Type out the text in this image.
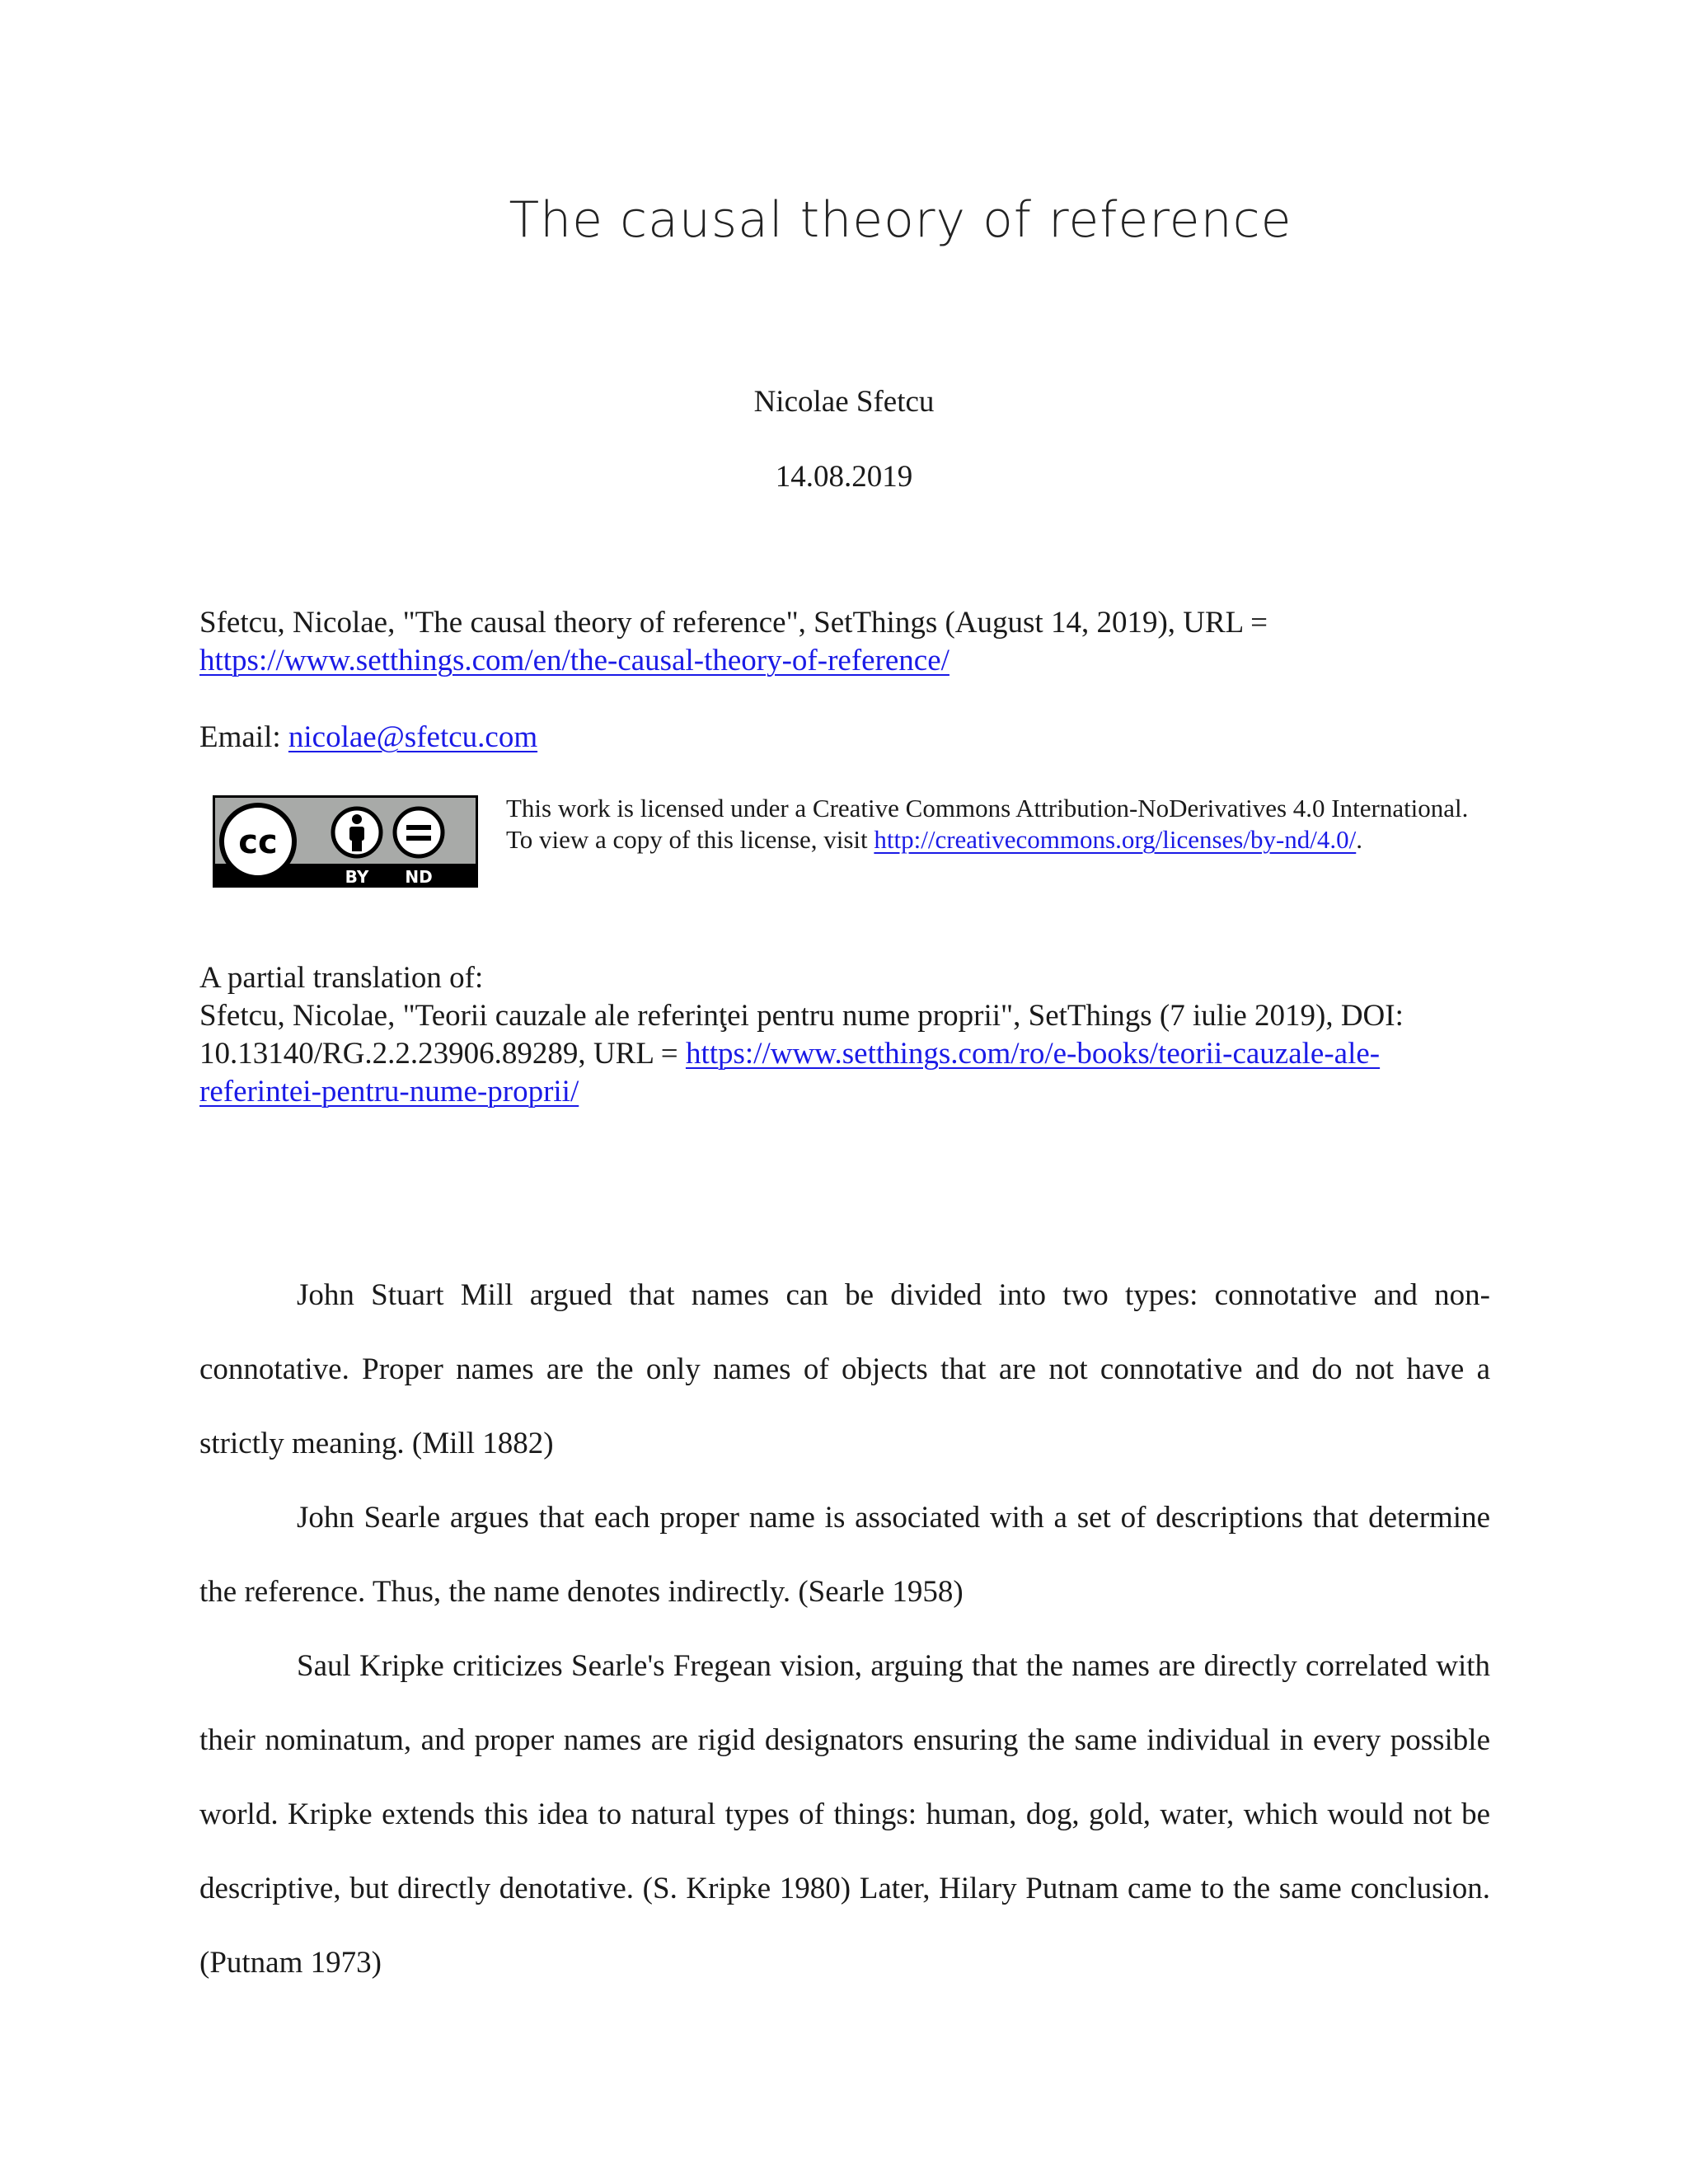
The causal theory of reference
Nicolae Sfetcu
14.08.2019
Sfetcu, Nicolae, "The causal theory of reference", SetThings (August 14, 2019), URL = https://www.setthings.com/en/the-causal-theory-of-reference/
Email: nicolae@sfetcu.com
cc
BY ND
This work is licensed under a Creative Commons Attribution-NoDerivatives 4.0 International. To view a copy of this license, visit http://creativecommons.org/licenses/by-nd/4.0/.
A partial translation of:
Sfetcu, Nicolae, "Teorii cauzale ale referinţei pentru nume proprii", SetThings (7 iulie 2019), DOI: 10.13140/RG.2.2.23906.89289, URL = https://www.setthings.com/ro/e-books/teorii-cauzale-ale-referintei-pentru-nume-proprii/

John Stuart Mill argued that names can be divided into two types: connotative and non-connotative. Proper names are the only names of objects that are not connotative and do not have a strictly meaning. (Mill 1882)

John Searle argues that each proper name is associated with a set of descriptions that determine the reference. Thus, the name denotes indirectly. (Searle 1958)

Saul Kripke criticizes Searle's Fregean vision, arguing that the names are directly correlated with their nominatum, and proper names are rigid designators ensuring the same individual in every possible world. Kripke extends this idea to natural types of things: human, dog, gold, water, which would not be descriptive, but directly denotative. (S. Kripke 1980) Later, Hilary Putnam came to the same conclusion. (Putnam 1973)
